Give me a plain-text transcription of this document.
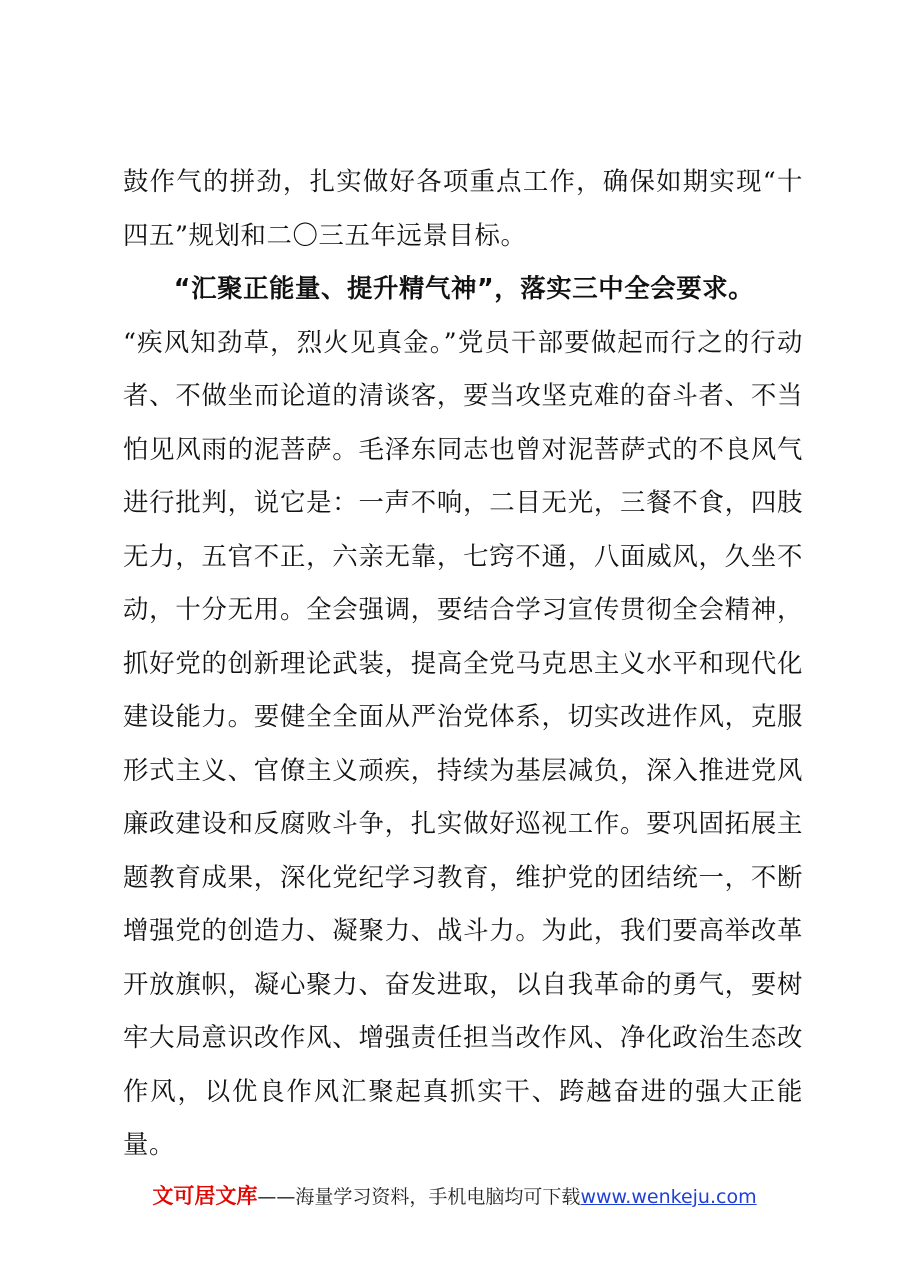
鼓作气的拼劲，扎实做好各项重点工作，确保如期实现“十四五”规划和二〇三五年远景目标。

“汇聚正能量、提升精气神”，落实三中全会要求。

“疾风知劲草，烈火见真金。”党员干部要做起而行之的行动者、不做坐而论道的清谈客，要当攻坚克难的奋斗者、不当怕见风雨的泥菩萨。毛泽东同志也曾对泥菩萨式的不良风气进行批判，说它是：一声不响，二目无光，三餐不食，四肢无力，五官不正，六亲无靠，七窍不通，八面威风，久坐不动，十分无用。全会强调，要结合学习宣传贯彻全会精神，抓好党的创新理论武装，提高全党马克思主义水平和现代化建设能力。要健全全面从严治党体系，切实改进作风，克服形式主义、官僚主义顽疾，持续为基层减负，深入推进党风廉政建设和反腐败斗争，扎实做好巡视工作。要巩固拓展主题教育成果，深化党纪学习教育，维护党的团结统一，不断增强党的创造力、凝聚力、战斗力。为此，我们要高举改革开放旗帜，凝心聚力、奋发进取，以自我革命的勇气，要树牢大局意识改作风、增强责任担当改作风、净化政治生态改作风，以优良作风汇聚起真抓实干、跨越奋进的强大正能量。

文可居文库——海量学习资料，手机电脑均可下载www.wenkeju.com
